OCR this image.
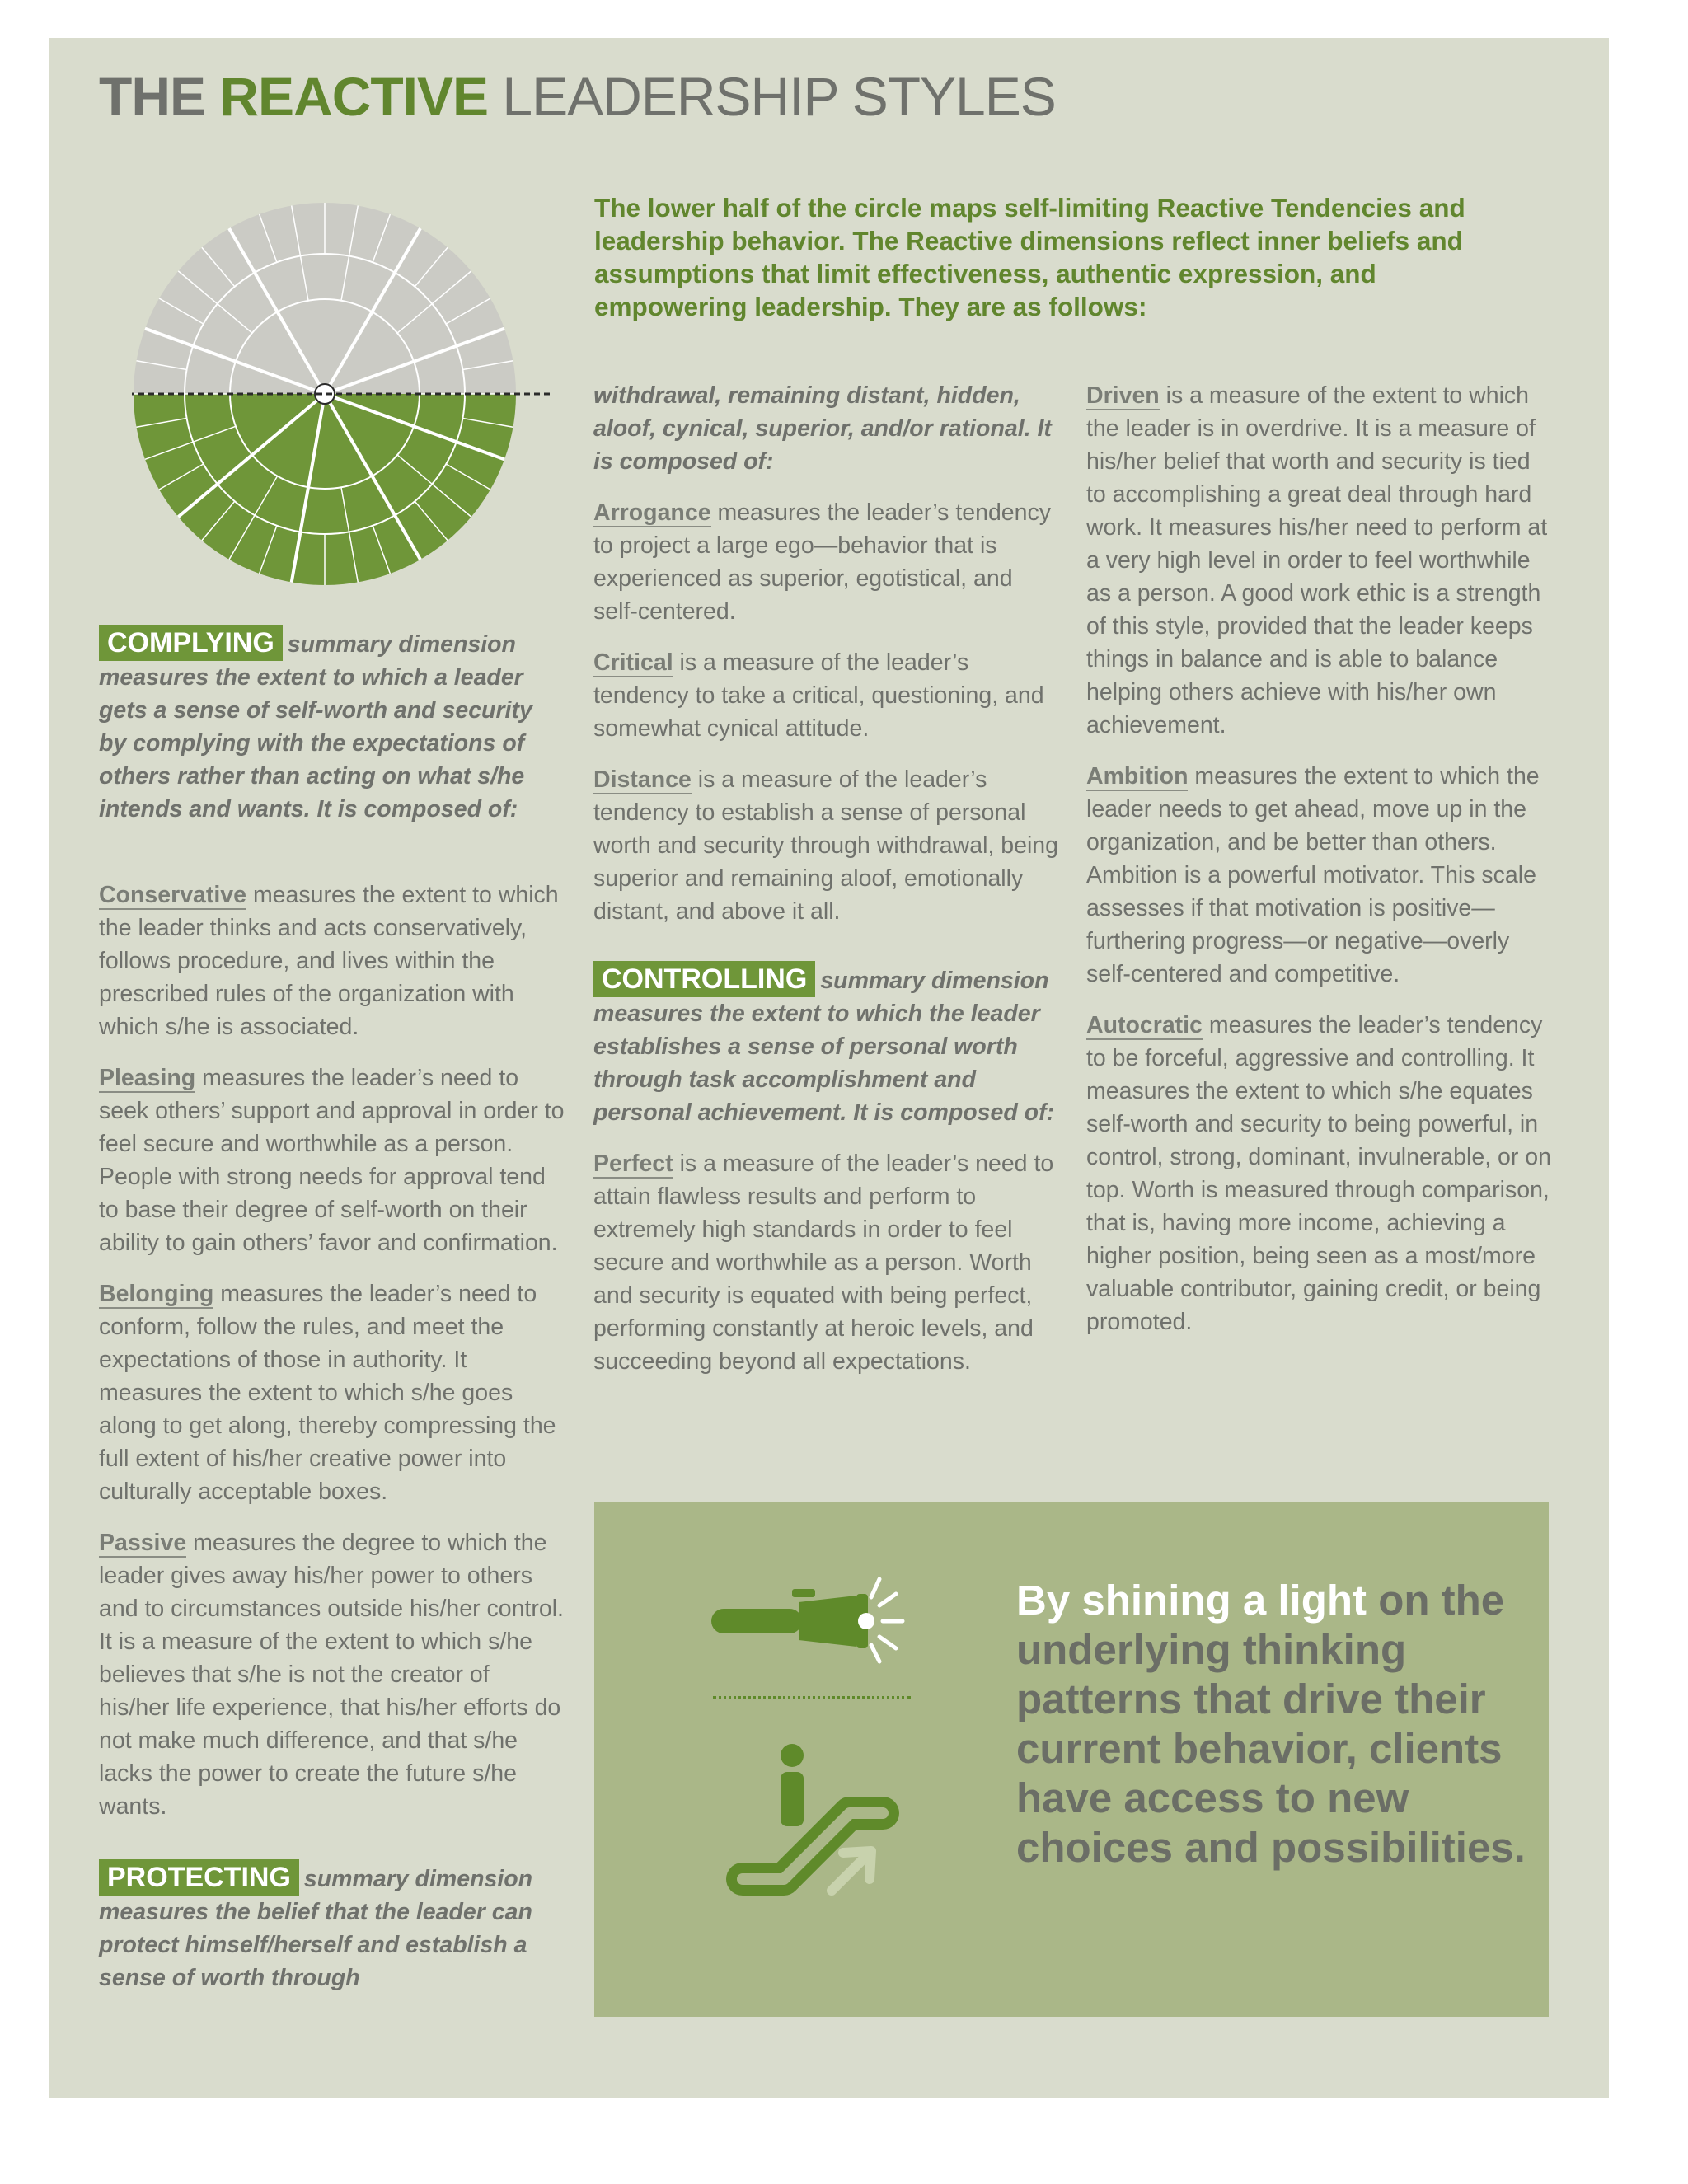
THE REACTIVE LEADERSHIP STYLES

The lower half of the circle maps self-limiting Reactive Tendencies and leadership behavior. The Reactive dimensions reflect inner beliefs and assumptions that limit effectiveness, authentic expression, and empowering leadership. They are as follows:

COMPLYING summary dimension measures the extent to which a leader gets a sense of self-worth and security by complying with the expectations of others rather than acting on what s/he intends and wants. It is composed of:

Conservative measures the extent to which the leader thinks and acts conservatively, follows procedure, and lives within the prescribed rules of the organization with which s/he is associated.

Pleasing measures the leader’s need to seek others’ support and approval in order to feel secure and worthwhile as a person. People with strong needs for approval tend to base their degree of self-worth on their ability to gain others’ favor and confirmation.

Belonging measures the leader’s need to conform, follow the rules, and meet the expectations of those in authority. It measures the extent to which s/he goes along to get along, thereby compressing the full extent of his/her creative power into culturally acceptable boxes.

Passive measures the degree to which the leader gives away his/her power to others and to circumstances outside his/her control. It is a measure of the extent to which s/he believes that s/he is not the creator of his/her life experience, that his/her efforts do not make much difference, and that s/he lacks the power to create the future s/he wants.

PROTECTING summary dimension measures the belief that the leader can protect himself/herself and establish a sense of worth through

withdrawal, remaining distant, hidden, aloof, cynical, superior, and/or rational. It is composed of:

Arrogance measures the leader’s tendency to project a large ego—behavior that is experienced as superior, egotistical, and self-centered.

Critical is a measure of the leader’s tendency to take a critical, questioning, and somewhat cynical attitude.

Distance is a measure of the leader’s tendency to establish a sense of personal worth and security through withdrawal, being superior and remaining aloof, emotionally distant, and above it all.

CONTROLLING summary dimension measures the extent to which the leader establishes a sense of personal worth through task accomplishment and personal achievement. It is composed of:

Perfect is a measure of the leader’s need to attain flawless results and perform to extremely high standards in order to feel secure and worthwhile as a person. Worth and security is equated with being perfect, performing constantly at heroic levels, and succeeding beyond all expectations.

Driven is a measure of the extent to which the leader is in overdrive. It is a measure of his/her belief that worth and security is tied to accomplishing a great deal through hard work. It measures his/her need to perform at a very high level in order to feel worthwhile as a person. A good work ethic is a strength of this style, provided that the leader keeps things in balance and is able to balance helping others achieve with his/her own achievement.

Ambition measures the extent to which the leader needs to get ahead, move up in the organization, and be better than others. Ambition is a powerful motivator. This scale assesses if that motivation is positive—furthering progress—or negative—overly self-centered and competitive.

Autocratic measures the leader’s tendency to be forceful, aggressive and controlling. It measures the extent to which s/he equates self-worth and security to being powerful, in control, strong, dominant, invulnerable, or on top. Worth is measured through comparison, that is, having more income, achieving a higher position, being seen as a most/more valuable contributor, gaining credit, or being promoted.

By shining a light on the underlying thinking patterns that drive their current behavior, clients have access to new choices and possibilities.
